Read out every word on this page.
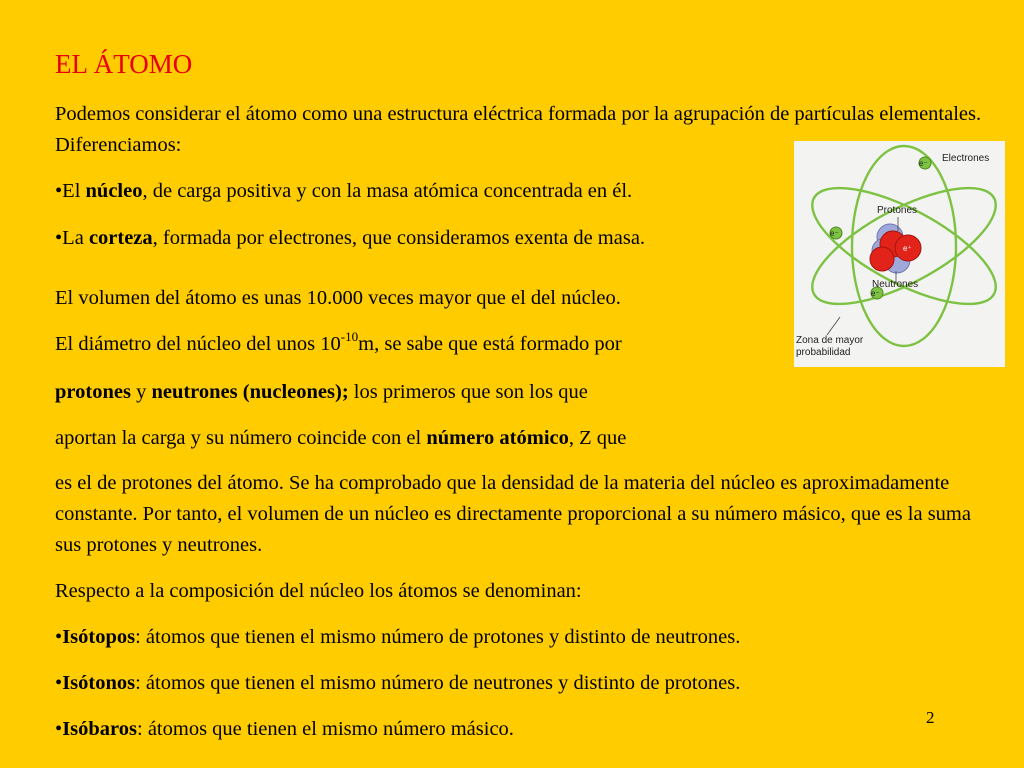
EL ÁTOMO

Podemos considerar el átomo como una estructura eléctrica formada por la agrupación de partículas elementales. Diferenciamos:

•El núcleo, de carga positiva y con la masa atómica concentrada en él.

•La corteza, formada por electrones, que consideramos exenta de masa.

El volumen del átomo es unas 10.000 veces mayor que el del núcleo.

El diámetro del núcleo del unos $10^{-10}m$, se sabe que está formado por

protones y neutrones (nucleones); los primeros que son los que

aportan la carga y su número coincide con el número atómico, Z que

es el de protones del átomo. Se ha comprobado que la densidad de la materia del núcleo es aproximadamente constante. Por tanto, el volumen de un núcleo es directamente proporcional a su número másico, que es la suma sus protones y neutrones.

Respecto a la composición del núcleo los átomos se denominan:

•Isótopos: átomos que tienen el mismo número de protones y distinto de neutrones.

•Isótonos: átomos que tienen el mismo número de neutrones y distinto de protones.

•Isóbaros: átomos que tienen el mismo número másico.

2
e⁻
e⁻
e⁻
e⁺
Electrones
Protones
Neutrones
Zona de mayor
probabilidad
